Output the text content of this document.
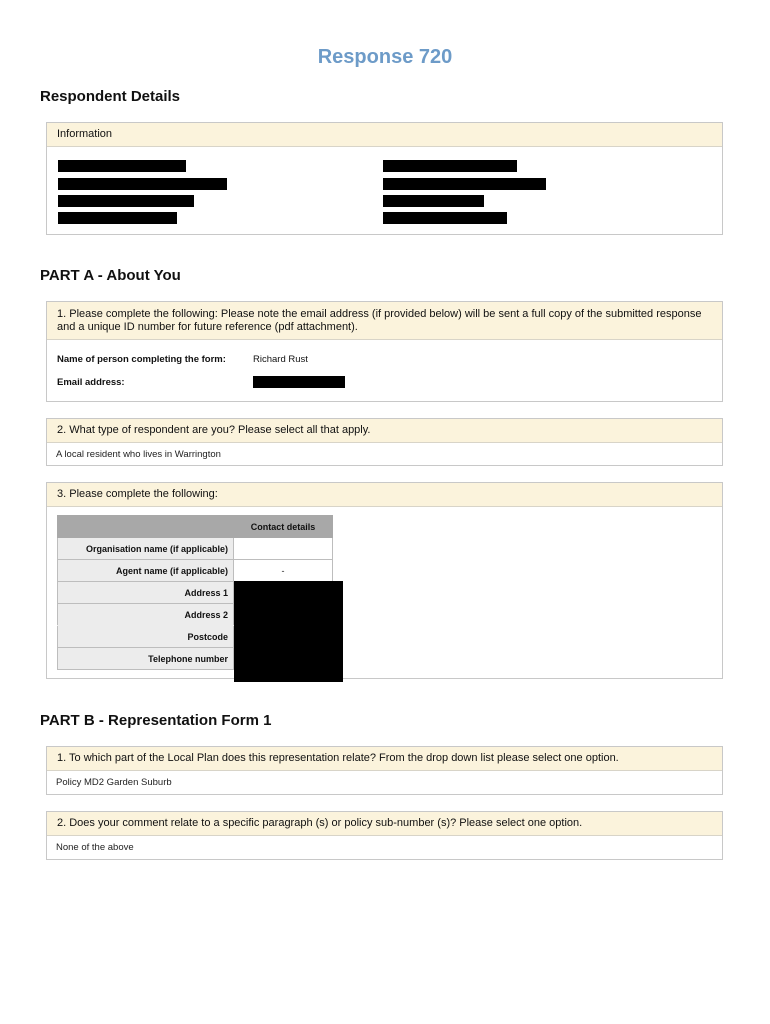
Response 720
Respondent Details
Information
PART A - About You
1. Please complete the following: Please note the email address (if provided below) will be sent a full copy of the submitted response and a unique ID number for future reference (pdf attachment).
Name of person completing the form:	Richard Rust
Email address:
2. What type of respondent are you? Please select all that apply.
A local resident who lives in Warrington
3. Please complete the following:
	Contact details
Organisation name (if applicable)	
Agent name (if applicable)	-
Address 1	
Address 2	
Postcode	
Telephone number	
PART B - Representation Form 1
1. To which part of the Local Plan does this representation relate? From the drop down list please select one option.
Policy MD2 Garden Suburb
2. Does your comment relate to a specific paragraph (s) or policy sub-number (s)? Please select one option.
None of the above
